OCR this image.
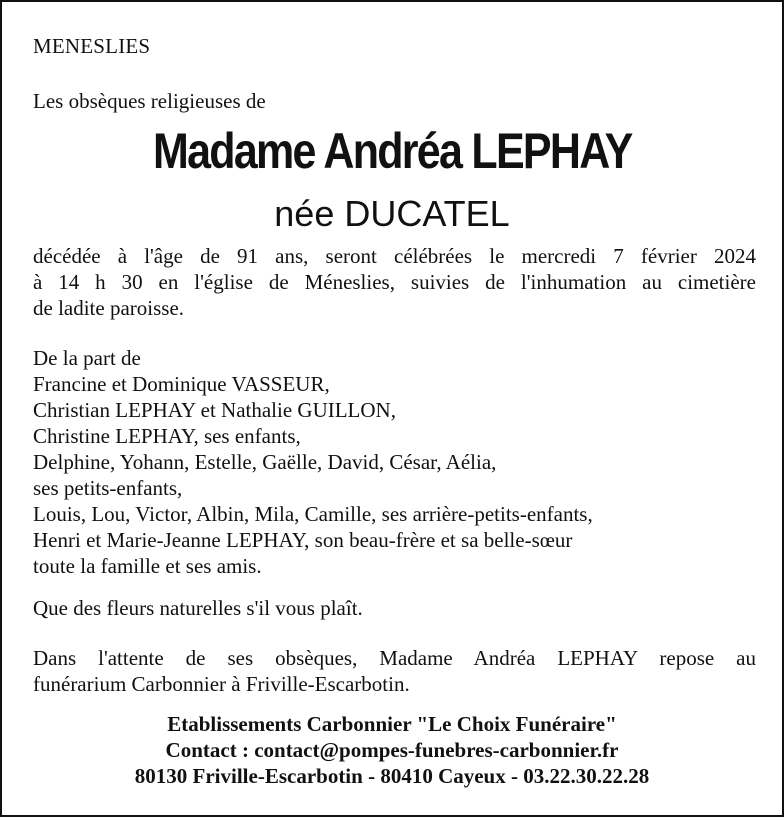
MENESLIES
Les obsèques religieuses de
Madame Andréa LEPHAY
née DUCATEL
décédée à l'âge de 91 ans, seront célébrées le mercredi 7 février 2024
à 14 h 30 en l'église de Méneslies, suivies de l'inhumation au cimetière
de ladite paroisse.
De la part de
Francine et Dominique VASSEUR,
Christian LEPHAY et Nathalie GUILLON,
Christine LEPHAY, ses enfants,
Delphine, Yohann, Estelle, Gaëlle, David, César, Aélia,
ses petits-enfants,
Louis, Lou, Victor, Albin, Mila, Camille, ses arrière-petits-enfants,
Henri et Marie-Jeanne LEPHAY, son beau-frère et sa belle-sœur
toute la famille et ses amis.
Que des fleurs naturelles s'il vous plaît.
Dans l'attente de ses obsèques, Madame Andréa LEPHAY repose au
funérarium Carbonnier à Friville-Escarbotin.
Etablissements Carbonnier "Le Choix Funéraire"
Contact : contact@pompes-funebres-carbonnier.fr
80130 Friville-Escarbotin - 80410 Cayeux - 03.22.30.22.28
